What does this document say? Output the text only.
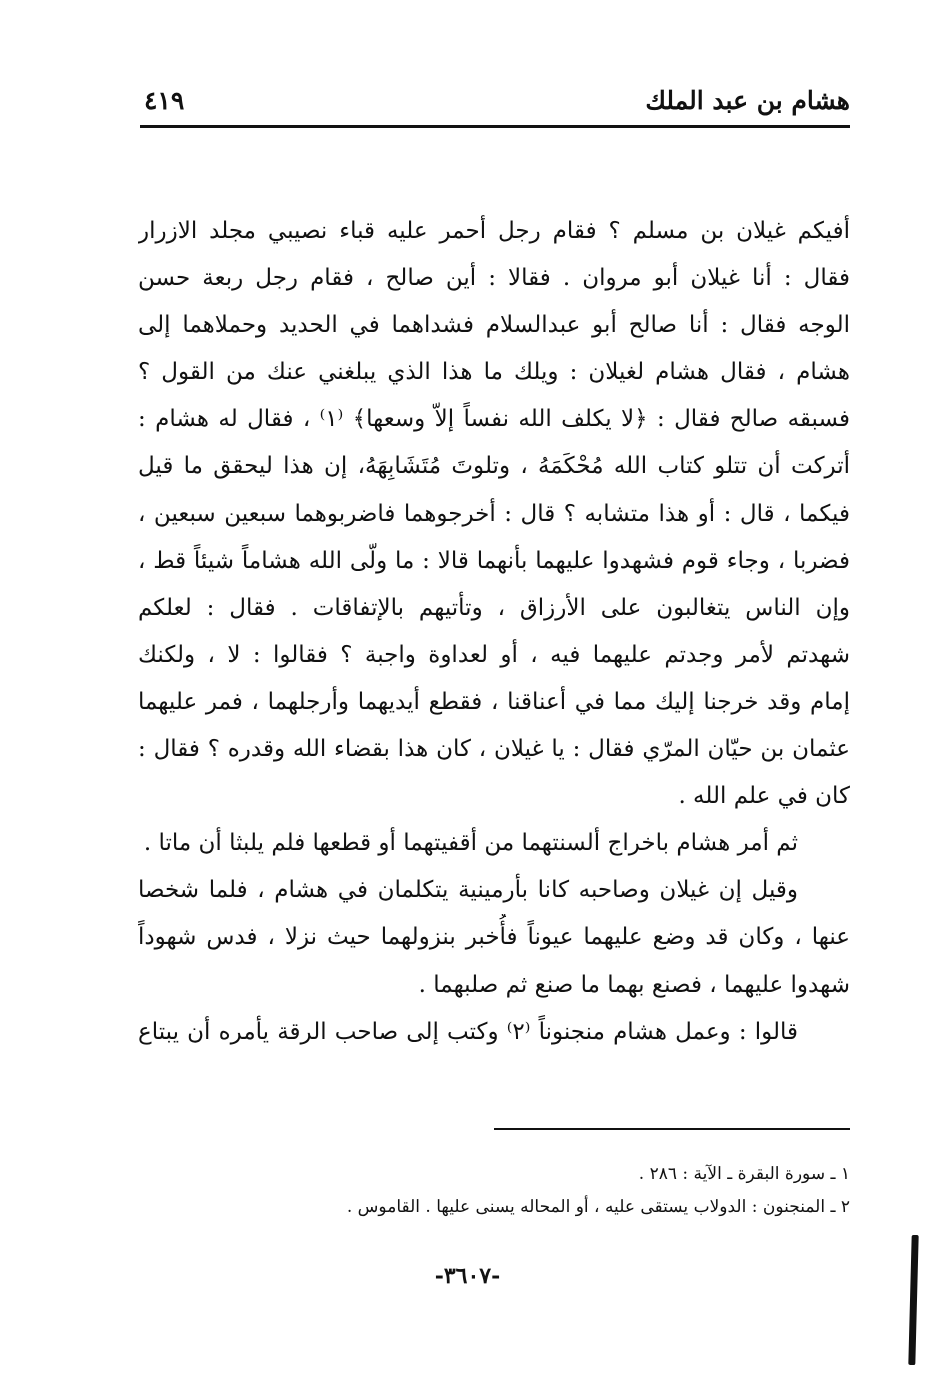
هشام بن عبد الملك
٤١٩
أفيكم غيلان بن مسلم ؟ فقام رجل أحمر عليه قباء نصيبي مجلد الازرار
فقال : أنا غيلان أبو مروان . فقالا : أين صالح ، فقام رجل ربعة حسن
الوجه فقال : أنا صالح أبو عبدالسلام فشداهما في الحديد وحملاهما إلى
هشام ، فقال هشام لغيلان : ويلك ما هذا الذي يبلغني عنك من القول ؟
فسبقه صالح فقال : ﴿لا يكلف الله نفساً إلاّ وسعها﴾ ⁽١⁾ ، فقال له هشام :
أتركت أن تتلو كتاب الله مُحْكَمَهُ ، وتلوتَ مُتَشَابِهَهُ، إن هذا ليحقق ما قيل
فيكما ، قال : أو هذا متشابه ؟ قال : أخرجوهما فاضربوهما سبعين سبعين ،
فضربا ، وجاء قوم فشهدوا عليهما بأنهما قالا : ما ولّى الله هشاماً شيئاً قط ،
وإن الناس يتغالبون على الأرزاق ، وتأتيهم بالإتفاقات . فقال : لعلكم
شهدتم لأمر وجدتم عليهما فيه ، أو لعداوة واجبة ؟ فقالوا : لا ، ولكنك
إمام وقد خرجنا إليك مما في أعناقنا ، فقطع أيديهما وأرجلهما ، فمر عليهما
عثمان بن حيّان المرّي فقال : يا غيلان ، كان هذا بقضاء الله وقدره ؟ فقال :
كان في علم الله .
ثم أمر هشام باخراج ألسنتهما من أقفيتهما أو قطعها فلم يلبثا أن ماتا .
وقيل إن غيلان وصاحبه كانا بأرمينية يتكلمان في هشام ، فلما شخصا
عنها ، وكان قد وضع عليهما عيوناً فأُخبر بنزولهما حيث نزلا ، فدس شهوداً
شهدوا عليهما ، فصنع بهما ما صنع ثم صلبهما .
قالوا : وعمل هشام منجنوناً ⁽٢⁾ وكتب إلى صاحب الرقة يأمره أن يبتاع
١ ـ سورة البقرة ـ الآية : ٢٨٦ .
٢ ـ المنجنون : الدولاب يستقى عليه ، أو المحاله يسنى عليها . القاموس .
-٣٦٠٧-
